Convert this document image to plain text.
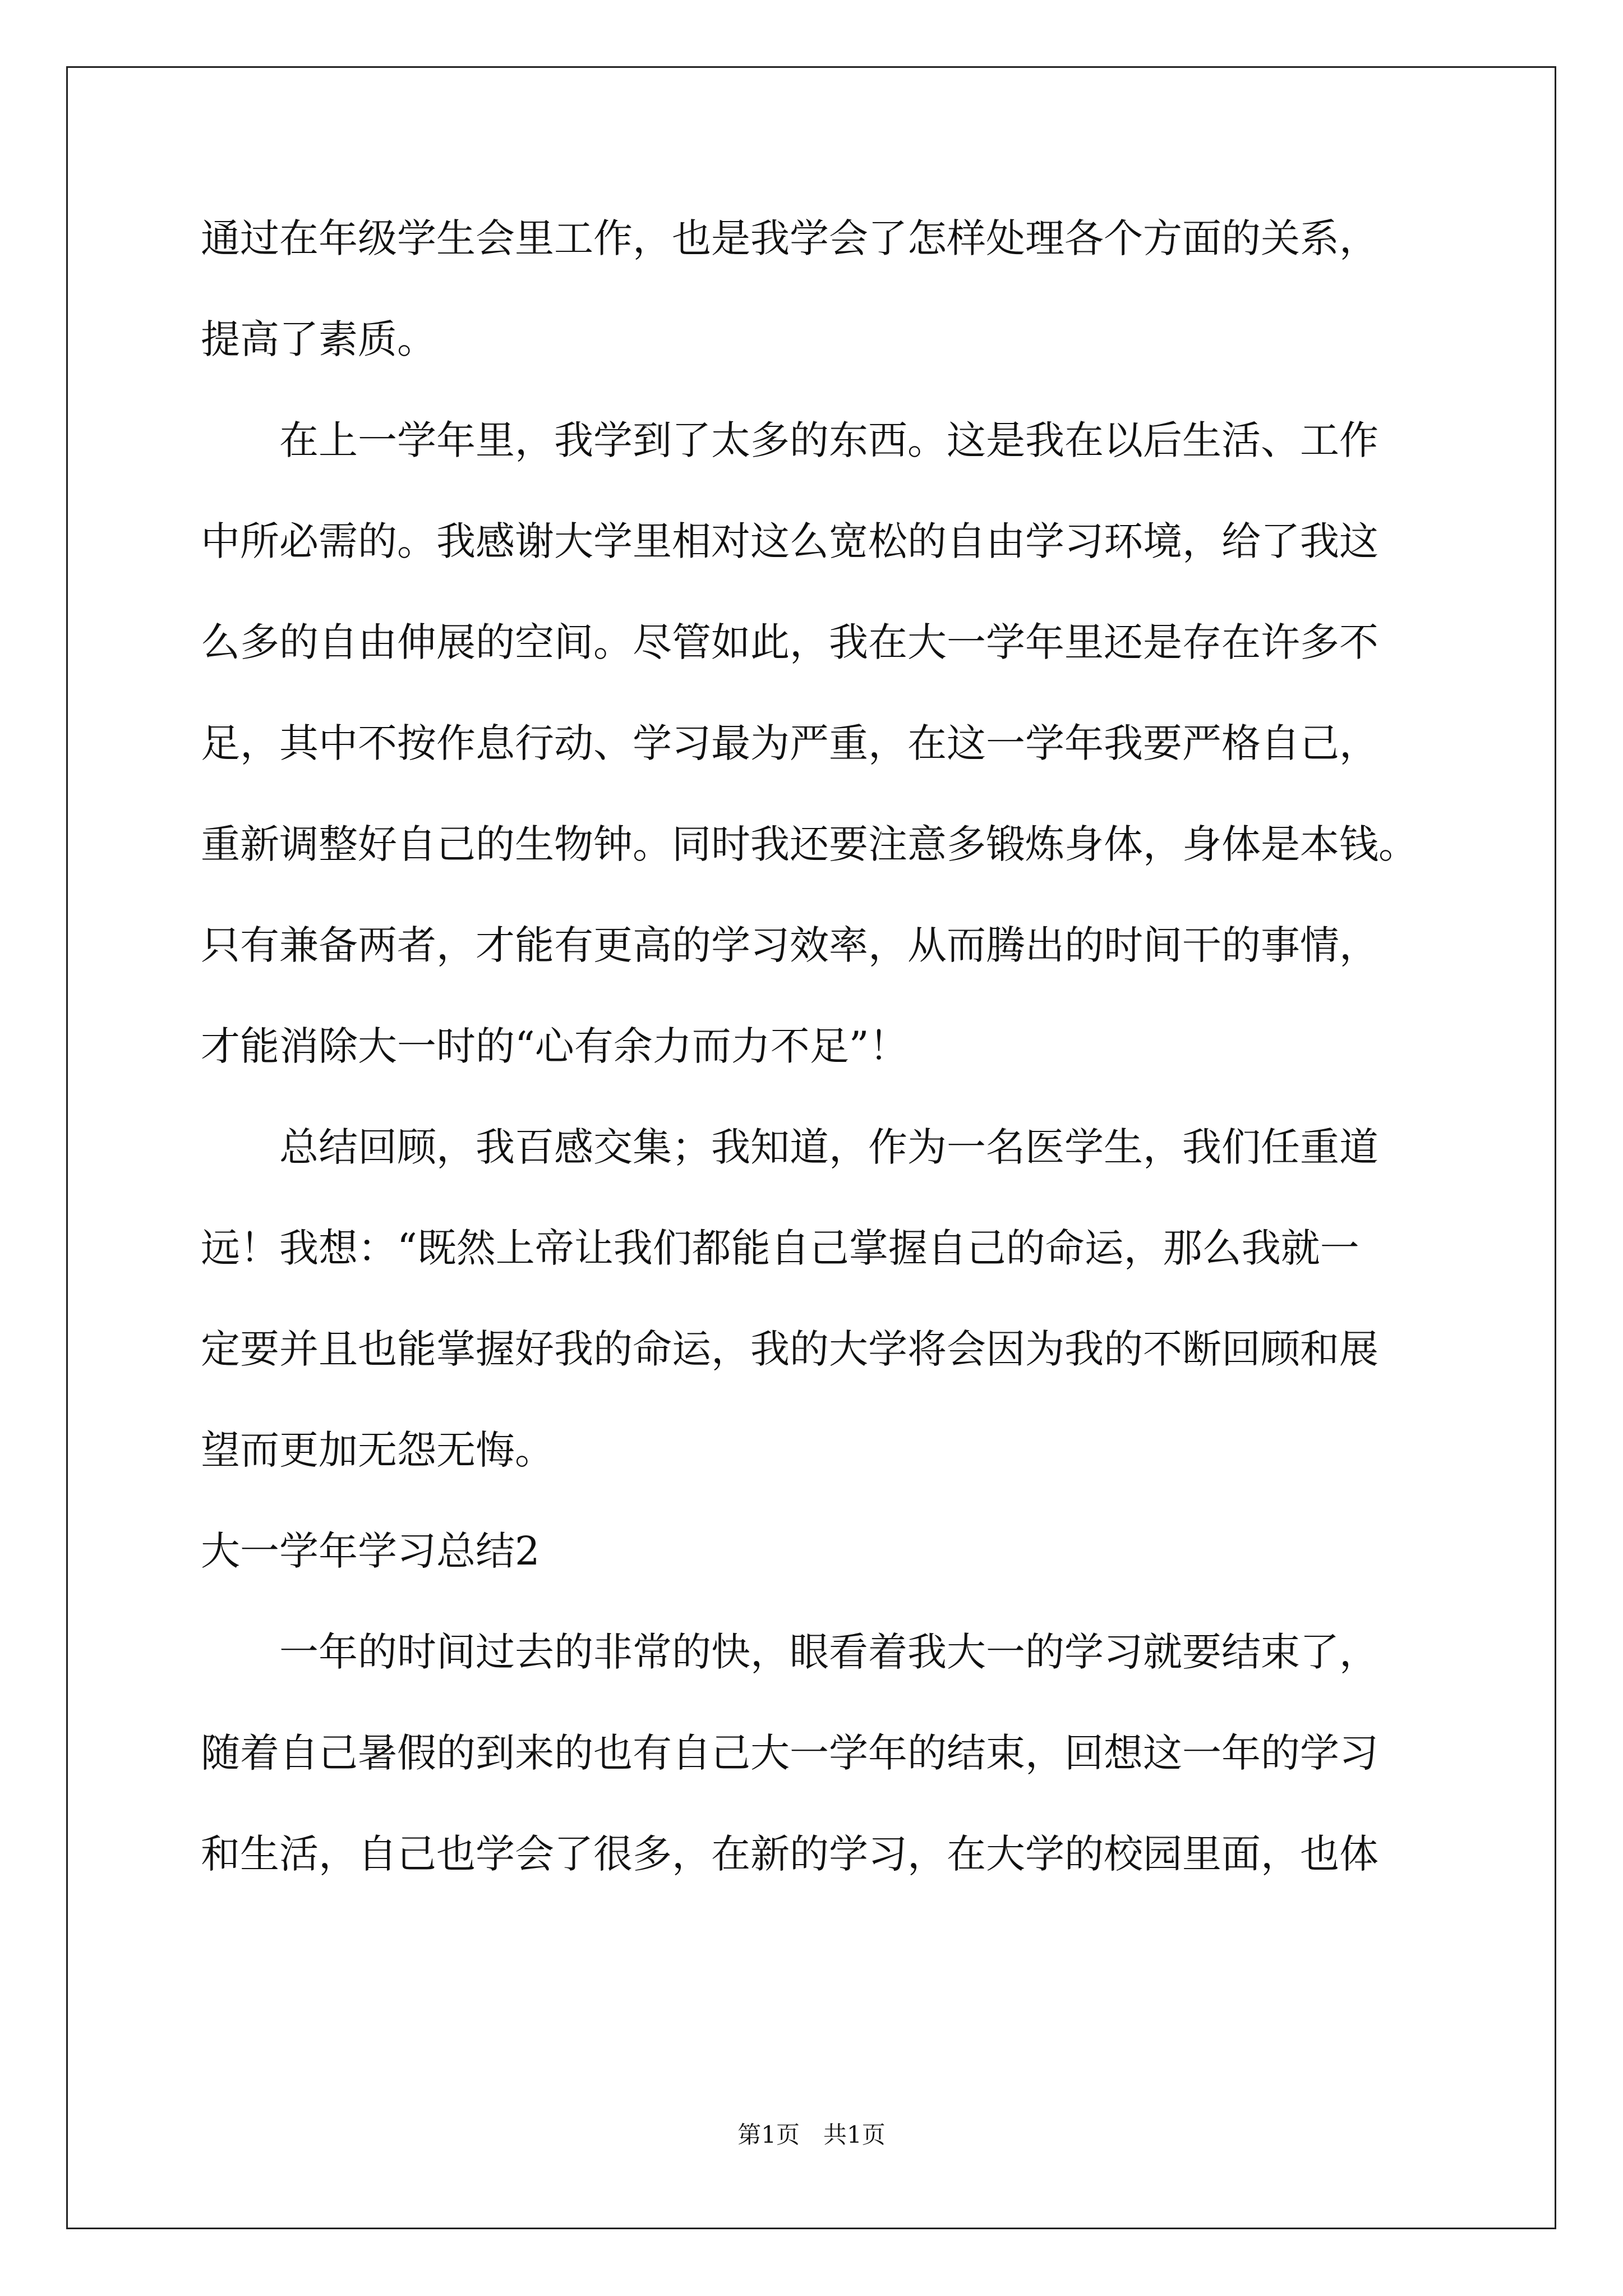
通过在年级学生会里工作，也是我学会了怎样处理各个方面的关系，
提高了素质。
在上一学年里，我学到了太多的东西。这是我在以后生活、工作
中所必需的。我感谢大学里相对这么宽松的自由学习环境，给了我这
么多的自由伸展的空间。尽管如此，我在大一学年里还是存在许多不
足，其中不按作息行动、学习最为严重，在这一学年我要严格自己，
重新调整好自己的生物钟。同时我还要注意多锻炼身体，身体是本钱。
只有兼备两者，才能有更高的学习效率，从而腾出的时间干的事情，
才能消除大一时的“心有余力而力不足”！
总结回顾，我百感交集；我知道，作为一名医学生，我们任重道
远！我想：“既然上帝让我们都能自己掌握自己的命运，那么我就一
定要并且也能掌握好我的命运，我的大学将会因为我的不断回顾和展
望而更加无怨无悔。
大一学年学习总结2
一年的时间过去的非常的快，眼看着我大一的学习就要结束了，
随着自己暑假的到来的也有自己大一学年的结束，回想这一年的学习
和生活，自己也学会了很多，在新的学习，在大学的校园里面，也体
第1页　共1页
